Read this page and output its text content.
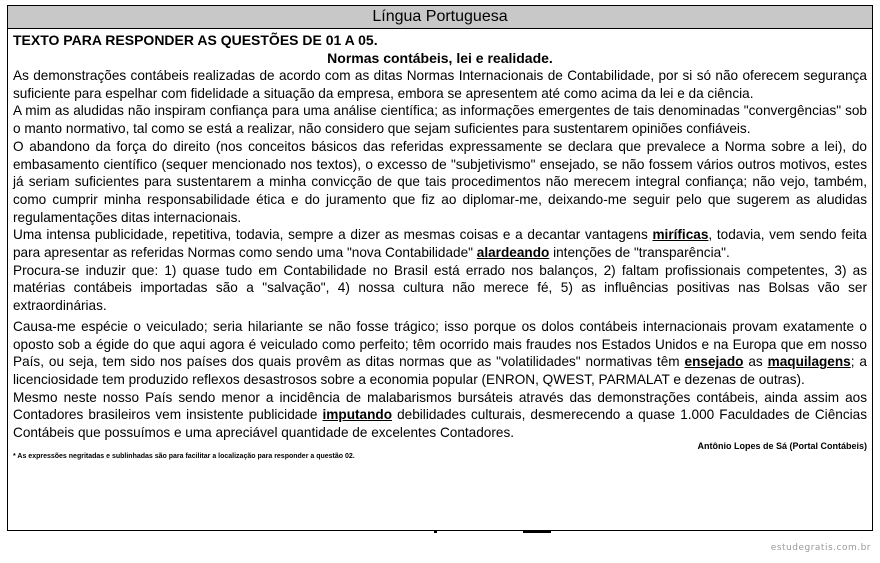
Língua Portuguesa

TEXTO PARA RESPONDER AS QUESTÕES DE 01 A 05.

Normas contábeis, lei e realidade.

As demonstrações contábeis realizadas de acordo com as ditas Normas Internacionais de Contabilidade, por si só não oferecem segurança suficiente para espelhar com fidelidade a situação da empresa, embora se apresentem até como acima da lei e da ciência.

A mim as aludidas não inspiram confiança para uma análise científica; as informações emergentes de tais denominadas "convergências" sob o manto normativo, tal como se está a realizar, não considero que sejam suficientes para sustentarem opiniões confiáveis.

O abandono da força do direito (nos conceitos básicos das referidas expressamente se declara que prevalece a Norma sobre a lei), do embasamento científico (sequer mencionado nos textos), o excesso de "subjetivismo" ensejado, se não fossem vários outros motivos, estes já seriam suficientes para sustentarem a minha convicção de que tais procedimentos não merecem integral confiança; não vejo, também, como cumprir minha responsabilidade ética e do juramento que fiz ao diplomar-me, deixando-me seguir pelo que sugerem as aludidas regulamentações ditas internacionais.

Uma intensa publicidade, repetitiva, todavia, sempre a dizer as mesmas coisas e a decantar vantagens miríficas, todavia, vem sendo feita para apresentar as referidas Normas como sendo uma "nova Contabilidade" alardeando intenções de "transparência".

Procura-se induzir que: 1) quase tudo em Contabilidade no Brasil está errado nos balanços, 2) faltam profissionais competentes, 3) as matérias contábeis importadas são a "salvação", 4) nossa cultura não merece fé, 5) as influências positivas nas Bolsas vão ser extraordinárias.

Causa-me espécie o veiculado; seria hilariante se não fosse trágico; isso porque os dolos contábeis internacionais provam exatamente o oposto sob a égide do que aqui agora é veiculado como perfeito; têm ocorrido mais fraudes nos Estados Unidos e na Europa que em nosso País, ou seja, tem sido nos países dos quais provêm as ditas normas que as "volatilidades" normativas têm ensejado as maquilagens; a licenciosidade tem produzido reflexos desastrosos sobre a economia popular (ENRON, QWEST, PARMALAT e dezenas de outras).

Mesmo neste nosso País sendo menor a incidência de malabarismos bursáteis através das demonstrações contábeis, ainda assim aos Contadores brasileiros vem insistente publicidade imputando debilidades culturais, desmerecendo a quase 1.000 Faculdades de Ciências Contábeis que possuímos e uma apreciável quantidade de excelentes Contadores.

Antônio Lopes de Sá (Portal Contábeis)

* As expressões negritadas e sublinhadas são para facilitar a localização para responder a questão 02.

estudegratis.com.br
